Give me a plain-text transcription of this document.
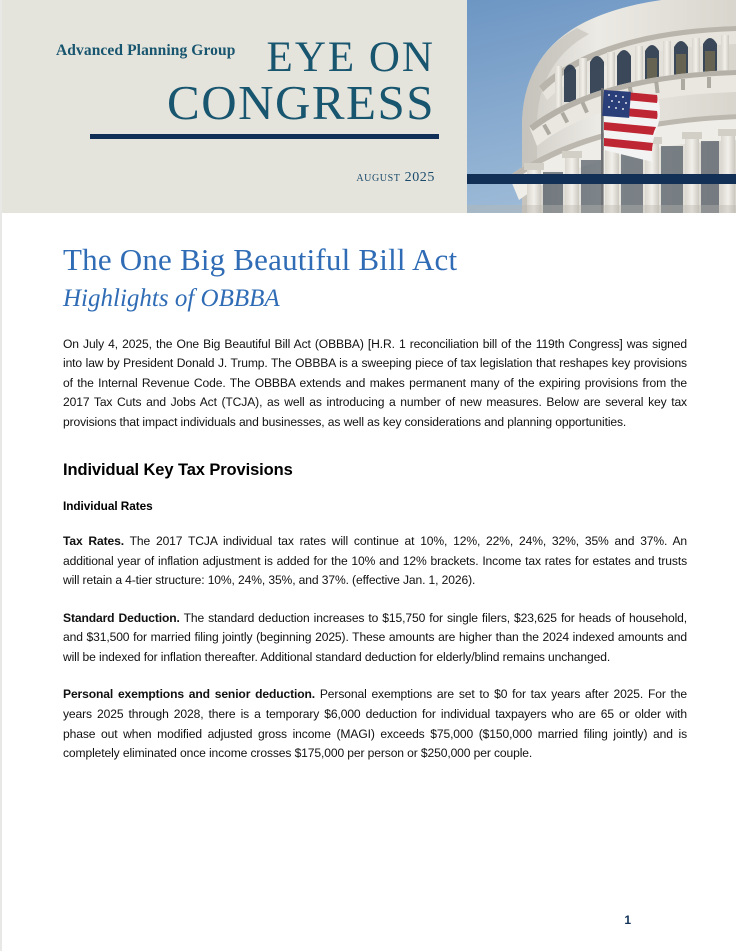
Advanced Planning Group EYE ON
CONGRESS
august 2025
The One Big Beautiful Bill Act
Highlights of OBBBA

On July 4, 2025, the One Big Beautiful Bill Act (OBBBA) [H.R. 1 reconciliation bill of the 119th Congress] was signed into law by President Donald J. Trump. The OBBBA is a sweeping piece of tax legislation that reshapes key provisions of the Internal Revenue Code. The OBBBA extends and makes permanent many of the expiring provisions from the 2017 Tax Cuts and Jobs Act (TCJA), as well as introducing a number of new measures. Below are several key tax provisions that impact individuals and businesses, as well as key considerations and planning opportunities.

Individual Key Tax Provisions
Individual Rates

Tax Rates. The 2017 TCJA individual tax rates will continue at 10%, 12%, 22%, 24%, 32%, 35% and 37%. An additional year of inflation adjustment is added for the 10% and 12% brackets. Income tax rates for estates and trusts will retain a 4-tier structure: 10%, 24%, 35%, and 37%. (effective Jan. 1, 2026).

Standard Deduction. The standard deduction increases to $15,750 for single filers, $23,625 for heads of household, and $31,500 for married filing jointly (beginning 2025). These amounts are higher than the 2024 indexed amounts and will be indexed for inflation thereafter. Additional standard deduction for elderly/blind remains unchanged.

Personal exemptions and senior deduction. Personal exemptions are set to $0 for tax years after 2025. For the years 2025 through 2028, there is a temporary $6,000 deduction for individual taxpayers who are 65 or older with phase out when modified adjusted gross income (MAGI) exceeds $75,000 ($150,000 married filing jointly) and is completely eliminated once income crosses $175,000 per person or $250,000 per couple.

1
